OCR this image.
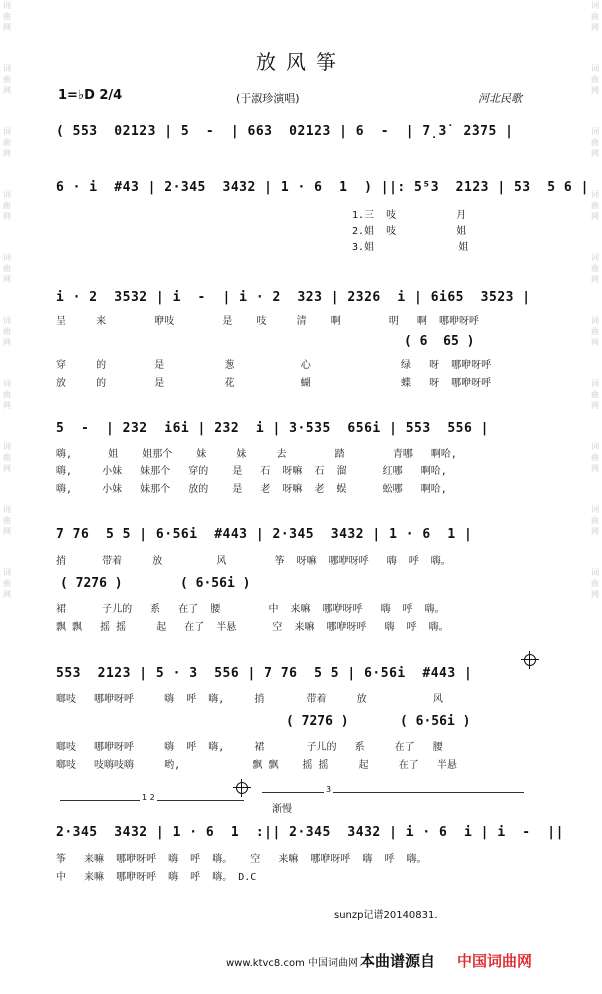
词曲网
词曲网
词曲网
词曲网
词曲网
词曲网
词曲网
词曲网
词曲网
词曲网
词曲网
词曲网
词曲网
词曲网
词曲网
词曲网
词曲网
词曲网
词曲网
词曲网
放风筝
1=♭D 2/4	(于淑珍演唱)	河北民歌
( 553  02123 | 5  -  | 663  02123 | 6  -  | 7̣3̇  2̇375 |
6 · i  #43 | 2·345  3432 | 1 · 6  1  ) ||: 5⁵3  2123 | 53  5 6 |
1.三  吱          月
2.姐  吱          姐
3.姐              姐
i · 2  3532 | i  -  | i · 2  323 | 2326  i | 6i65  3523 |
呈     来        咿吱        是    吱     清    啊        明   啊  哪咿呀呼
( 6  65 )
穿     的        是          葱           心               绿   呀  哪咿呀呼
放     的        是          花           蝴               蝶   呀  哪咿呀呼
5  -  | 232  i6i | 232  i | 3·535  656i | 553  556 |
嗨,      姐    姐那个    妹     妹     去        踏        青哪   啊哈,
嗨,     小妹   妹那个   穿的    是   石  呀嘛  石  溜      红哪   啊哈,
嗨,     小妹   妹那个   放的    是   老  呀嘛  老  蜈      蚣哪   啊哈,
7 76  5 5 | 6·56i  #443 | 2·345  3432 | 1 · 6  1 |
捎      带着     放         风        筝  呀嘛  哪咿呀呼   嗨  呼  嗨。
( 7276 )	( 6·56i )
裙      子儿的   系   在了  腰        中  来嘛  哪咿呀呼   嗨  呼  嗨。
飘 飘   摇 摇     起   在了  半悬      空  来嘛  哪咿呀呼   嗨  呼  嗨。
553  2123 | 5 · 3  556 | 7 76  5 5 | 6·56i  #443 |
啷吱   哪咿呀呼     嗨  呼  嗨,     捎       带着     放           风
( 7276 )	( 6·56i )
啷吱   哪咿呀呼     嗨  呼  嗨,     裙       子儿的   系     在了   腰
啷吱   吱嗨吱嗨     哟,            飘 飘    摇 摇     起     在了   半悬
1 2
3
渐慢
2·345  3432 | 1 · 6  1  :|| 2·345  3432 | i · 6  i | i  -  ||
筝   来嘛  哪咿呀呼  嗨  呼  嗨。   空   来嘛  哪咿呀呼  嗨  呼  嗨。
中   来嘛  哪咿呀呼  嗨  呼  嗨。 D.C
sunzp记谱20140831.
www.ktvc8.com 中国词曲网 本曲谱源自 中国词曲网
